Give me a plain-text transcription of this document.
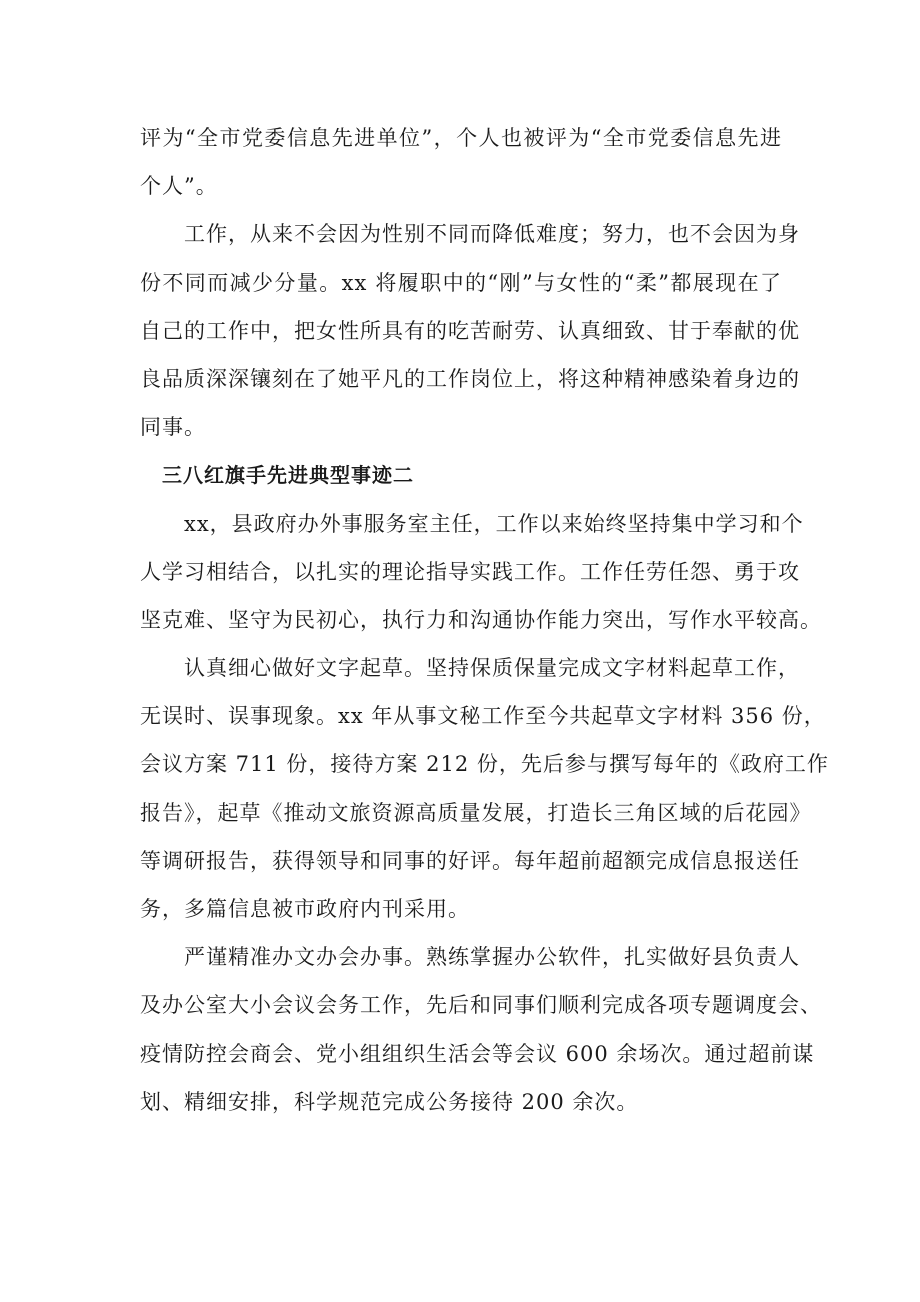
评为“全市党委信息先进单位”，个人也被评为“全市党委信息先进
个人”。
工作，从来不会因为性别不同而降低难度；努力，也不会因为身
份不同而减少分量。xx 将履职中的“刚”与女性的“柔”都展现在了
自己的工作中，把女性所具有的吃苦耐劳、认真细致、甘于奉献的优
良品质深深镶刻在了她平凡的工作岗位上，将这种精神感染着身边的
同事。
三八红旗手先进典型事迹二
xx，县政府办外事服务室主任，工作以来始终坚持集中学习和个
人学习相结合，以扎实的理论指导实践工作。工作任劳任怨、勇于攻
坚克难、坚守为民初心，执行力和沟通协作能力突出，写作水平较高。
认真细心做好文字起草。坚持保质保量完成文字材料起草工作，
无误时、误事现象。xx 年从事文秘工作至今共起草文字材料 356 份，
会议方案 711 份，接待方案 212 份，先后参与撰写每年的《政府工作
报告》，起草《推动文旅资源高质量发展，打造长三角区域的后花园》
等调研报告，获得领导和同事的好评。每年超前超额完成信息报送任
务，多篇信息被市政府内刊采用。
严谨精准办文办会办事。熟练掌握办公软件，扎实做好县负责人
及办公室大小会议会务工作，先后和同事们顺利完成各项专题调度会、
疫情防控会商会、党小组组织生活会等会议 600 余场次。通过超前谋
划、精细安排，科学规范完成公务接待 200 余次。
